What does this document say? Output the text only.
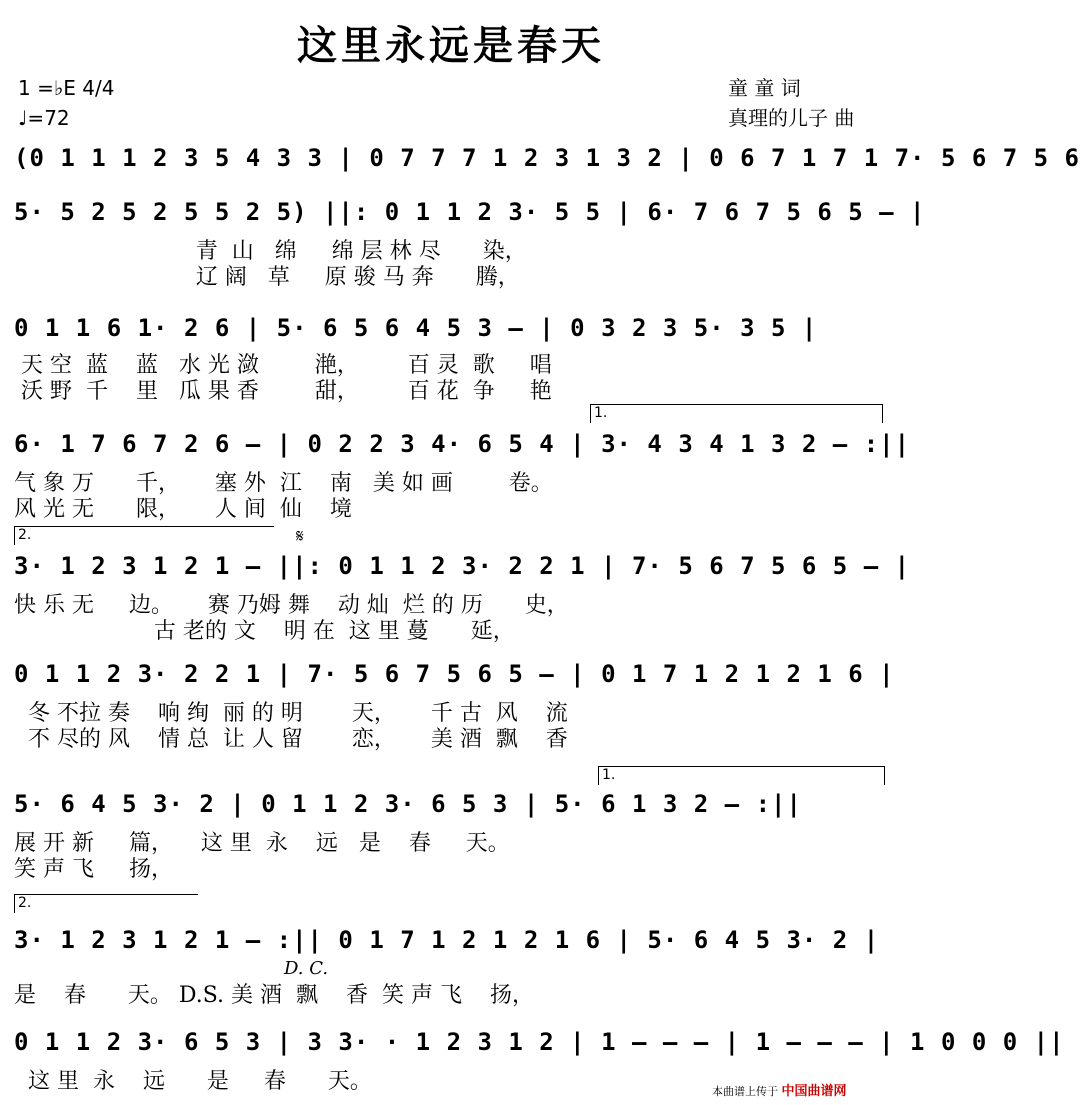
这里永远是春天
1 =♭E 4/4
♩=72
童 童 词
真理的儿子 曲
(0 1 1 1 2 3 5 4 3 3 | 0 7 7 7 1 2 3 1 3 2 | 0 6 7 1 7 1 7· 5 6 7 5 6
5· 5 2 5 2 5 5 2 5) ||: 0 1 1 2 3· 5 5 | 6· 7 6 7 5 6 5 — |
青  山   绵     绵 层 林 尽      染，
辽 阔   草     原 骏 马 奔      腾，
0 1 1 6 1· 2 6 | 5· 6 5 6 4 5 3 — | 0 3 2 3 5· 3 5 |
天 空  蓝    蓝   水 光 潋        滟，       百 灵  歌     唱
沃 野  千    里   瓜 果 香        甜，       百 花  争     艳
1.
6· 1 7 6 7 2 6 — | 0 2 2 3 4· 6 5 4 | 3· 4 3 4 1 3 2 — :||
气 象 万      千，     塞 外  江    南   美 如 画        卷。
风 光 无      限，     人 间  仙    境
2.	𝄋
3· 1 2 3 1 2 1 — ||: 0 1 1 2 3· 2 2 1 | 7· 5 6 7 5 6 5 — |
快 乐 无     边。     赛 乃姆 舞    动 灿  烂 的 历      史，
古 老的 文    明 在  这 里 蔓      延，
0 1 1 2 3· 2 2 1 | 7· 5 6 7 5 6 5 — | 0 1 7 1 2 1 2 1 6 |
冬 不拉 奏    响 绚  丽 的 明       天，     千 古  风    流
不 尽的 风    情 总  让 人 留       恋，     美 酒  飘    香
1.
5· 6 4 5 3· 2 | 0 1 1 2 3· 6 5 3 | 5· 6 1 3 2 — :||
展 开 新     篇，    这 里  永    远   是    春     天。
笑 声 飞     扬，
2.
D. C.
3· 1 2 3 1 2 1 — :|| 0 1 7 1 2 1 2 1 6 | 5· 6 4 5 3· 2 |
是    春      天。 D.S. 美 酒  飘    香  笑 声 飞    扬，
0 1 1 2 3· 6 5 3 | 3 3· · 1 2 3 1 2 | 1 — — — | 1 — — — | 1 0 0 0 ||
这 里  永    远      是     春      天。	本曲谱上传于 中国曲谱网
